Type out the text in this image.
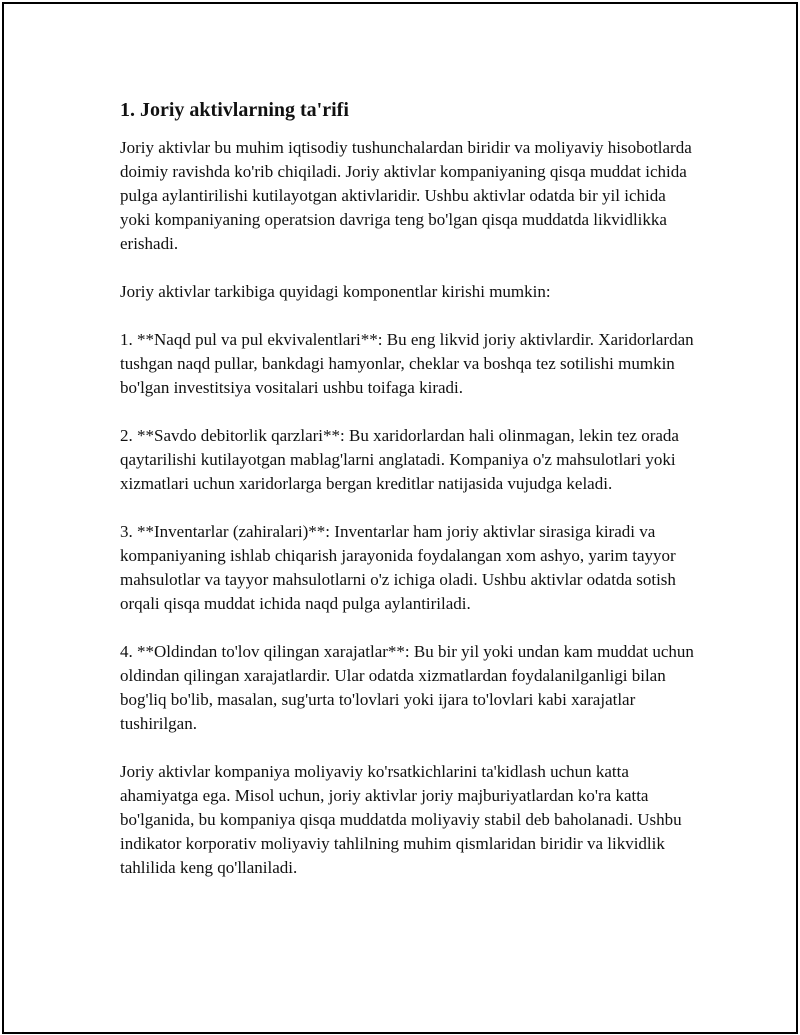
1. Joriy aktivlarning ta'rifi

Joriy aktivlar bu muhim iqtisodiy tushunchalardan biridir va moliyaviy hisobotlarda doimiy ravishda ko'rib chiqiladi. Joriy aktivlar kompaniyaning qisqa muddat ichida pulga aylantirilishi kutilayotgan aktivlaridir. Ushbu aktivlar odatda bir yil ichida yoki kompaniyaning operatsion davriga teng bo'lgan qisqa muddatda likvidlikka erishadi.

Joriy aktivlar tarkibiga quyidagi komponentlar kirishi mumkin:

1. **Naqd pul va pul ekvivalentlari**: Bu eng likvid joriy aktivlardir. Xaridorlardan tushgan naqd pullar, bankdagi hamyonlar, cheklar va boshqa tez sotilishi mumkin bo'lgan investitsiya vositalari ushbu toifaga kiradi.

2. **Savdo debitorlik qarzlari**: Bu xaridorlardan hali olinmagan, lekin tez orada qaytarilishi kutilayotgan mablag'larni anglatadi. Kompaniya o'z mahsulotlari yoki xizmatlari uchun xaridorlarga bergan kreditlar natijasida vujudga keladi.

3. **Inventarlar (zahiralari)**: Inventarlar ham joriy aktivlar sirasiga kiradi va kompaniyaning ishlab chiqarish jarayonida foydalangan xom ashyo, yarim tayyor mahsulotlar va tayyor mahsulotlarni o'z ichiga oladi. Ushbu aktivlar odatda sotish orqali qisqa muddat ichida naqd pulga aylantiriladi.

4. **Oldindan to'lov qilingan xarajatlar**: Bu bir yil yoki undan kam muddat uchun oldindan qilingan xarajatlardir. Ular odatda xizmatlardan foydalanilganligi bilan bog'liq bo'lib, masalan, sug'urta to'lovlari yoki ijara to'lovlari kabi xarajatlar tushirilgan.

Joriy aktivlar kompaniya moliyaviy ko'rsatkichlarini ta'kidlash uchun katta ahamiyatga ega. Misol uchun, joriy aktivlar joriy majburiyatlardan ko'ra katta bo'lganida, bu kompaniya qisqa muddatda moliyaviy stabil deb baholanadi. Ushbu indikator korporativ moliyaviy tahlilning muhim qismlaridan biridir va likvidlik tahlilida keng qo'llaniladi.
